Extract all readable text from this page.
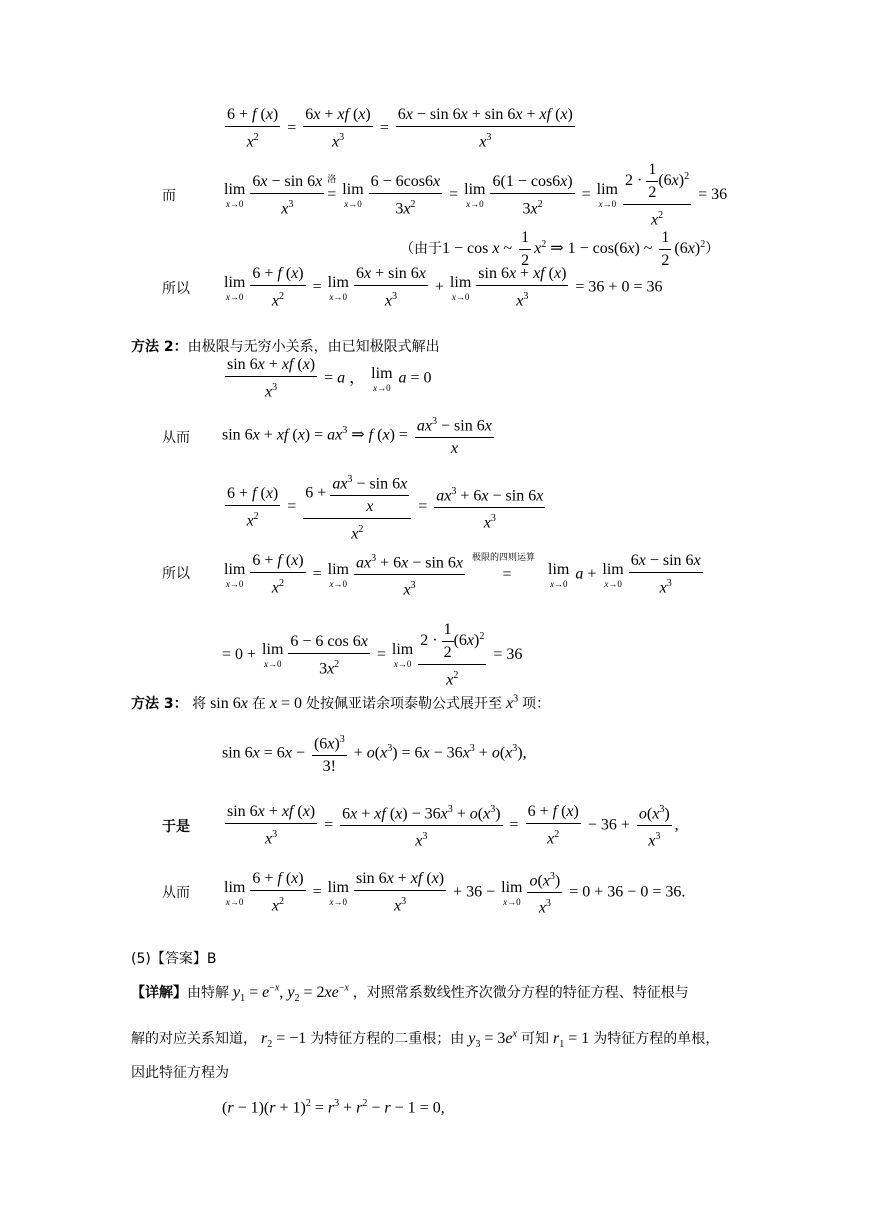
$\frac{6 + f (x)}{x^2} = \frac{6x + xf (x)}{x^3} = \frac{6x - \sin 6x + \sin 6x + xf (x)}{x^3}$
而	lim
$x\to 0 \frac{6x - \sin 6x}{x^3}$ 洛
= lim
$x\to 0 \frac{6 - 6\cos 6x}{3x^2} = \lim$
$x\to 0 \frac{6(1 - \cos 6x)}{3x^2} = \lim$
$x\to 0 \frac{2 \cdot \frac{1}{2} (6x)^2}{x^2} = 36$
（由于1 − cos x ~ $\frac{1}{2} x^2$ ⇒ 1 − cos(6x) ~ $\frac{1}{2} (6x)^2$）
所以 lim
$x\to 0 \frac{6 + f (x)}{x^2} = \lim$
$x\to 0 \frac{6x + \sin 6x}{x^3} + \lim$
$x\to 0 \frac{\sin 6x + xf (x)}{x^3} = 36 + 0 = 36$
方法 2：由极限与无穷小关系，由已知极限式解出
$\frac{\sin 6x + xf (x)}{x^3} = a$ ， lim
x→0
a = 0
从而 sin 6x + xf $(x) = ax^3$ ⇒ f $(x) = \frac{ax^3 - \sin 6x}{x}$
$\frac{6 + f (x)}{x^2} = \frac{6 + \frac{ax^3 - \sin 6x}{x}}{x^2} = \frac{ax^3 + 6x - \sin 6x}{x^3}$
所以 lim
$x\to 0 \frac{6 + f (x)}{x^2} = \lim$
$x\to 0 \frac{ax^3 + 6x - \sin 6x}{x^3}$
极限的四则运算
= lim
x→0
a + lim
$x\to 0 \frac{6x - \sin 6x}{x^3}$
= 0 + lim
$x\to 0 \frac{6 - 6 \cos 6x}{3x^2} = \lim$
$x\to 0 \frac{2 \cdot \frac{1}{2} (6x)^2}{x^2} = 36$
方法 3： 将 sin 6x 在 x = 0 处按佩亚诺余项泰勒公式展开至 $x^3$ 项：
$\sin 6x = 6x - \frac{(6x)^3}{3!} + o(x^3) = 6x - 36x^3 + o(x^3)$,
于是 $\frac{\sin 6x + xf (x)}{x^3} = \frac{6x + xf (x) - 36x^3 + o(x^3)}{x^3} = \frac{6 + f (x)}{x^2} - 36 + \frac{o(x^3)}{x^3}$ ,
从而 lim
$x\to 0 \frac{6 + f (x)}{x^2} = \lim$
$x\to 0 \frac{\sin 6x + xf (x)}{x^3} + 36 - \lim$
$x\to 0 \frac{o(x^3)}{x^3} = 0 + 36 - 0 = 36$.
(5)【答案】B
【详解】由特解 $y_1 = e^{-x}$, $y_2 = 2xe^{-x}$ ，对照常系数线性齐次微分方程的特征方程、特征根与
解的对应关系知道， $r_2 = -1$ 为特征方程的二重根；由 $y_3 = 3e^x$ 可知 $r_1 = 1$ 为特征方程的单根，
因此特征方程为
$(r - 1)(r + 1)^2 = r^3 + r^2 - r - 1 = 0$,
